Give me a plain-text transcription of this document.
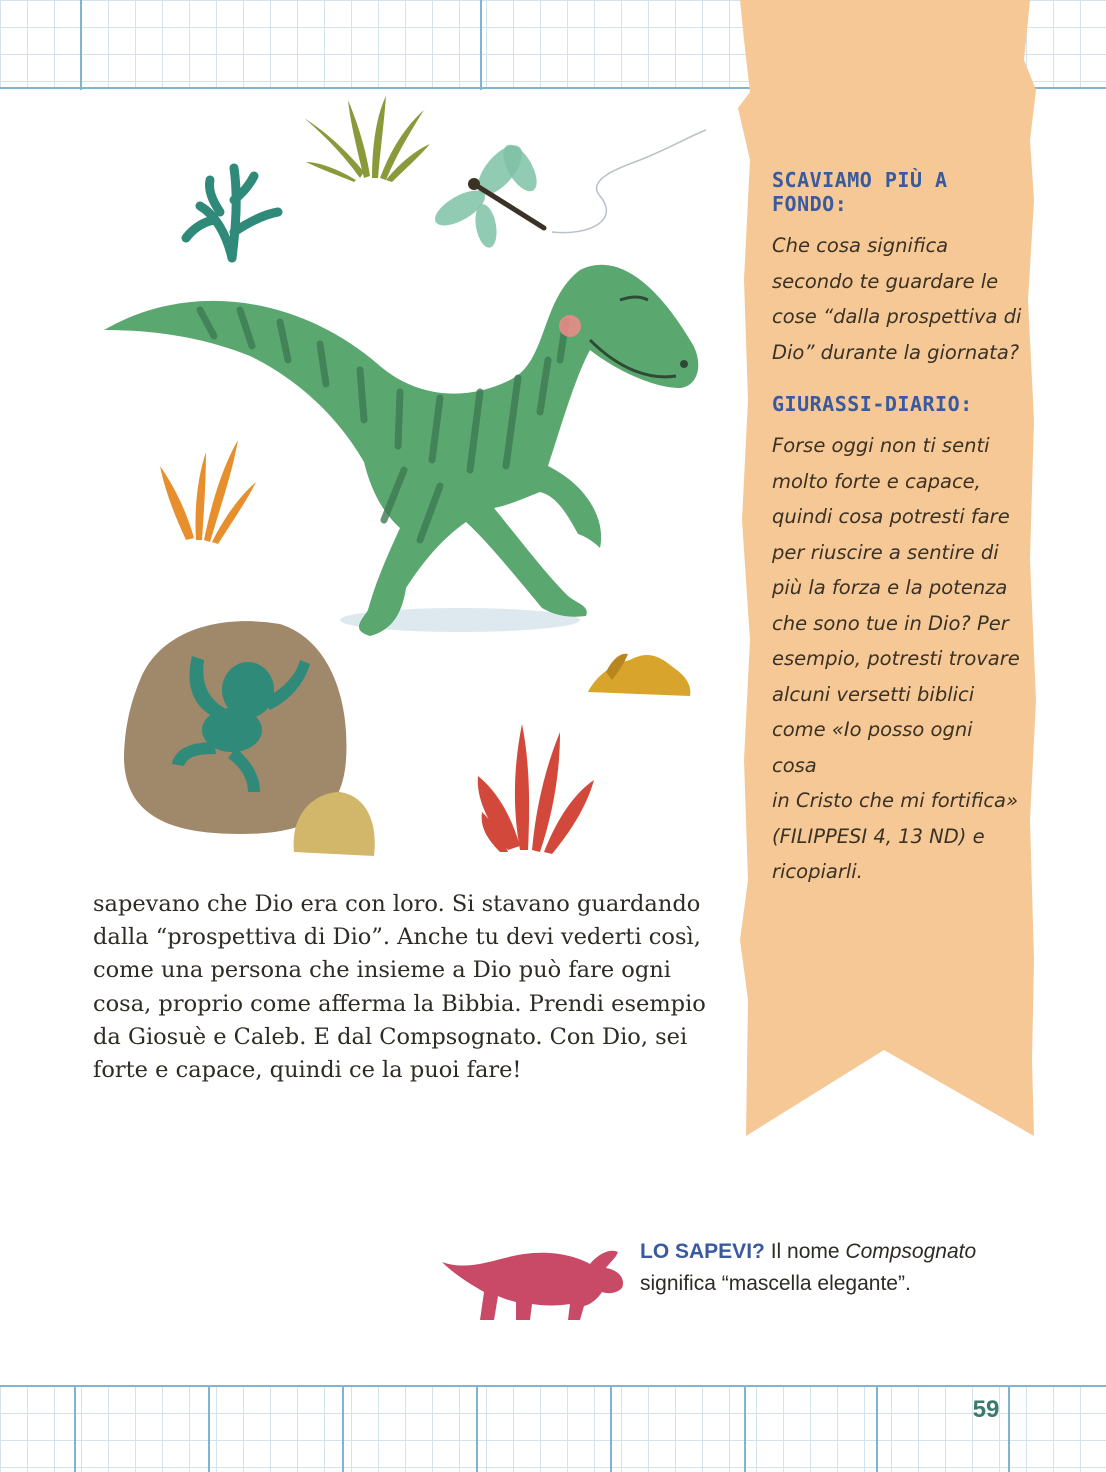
SCAVIAMO PIÙ A FONDO:

Che cosa significa
secondo te guardare le
cose “dalla prospettiva di
Dio” durante la giornata?

GIURASSI-DIARIO:

Forse oggi non ti senti
molto forte e capace,
quindi cosa potresti fare
per riuscire a sentire di
più la forza e la potenza
che sono tue in Dio? Per
esempio, potresti trovare
alcuni versetti biblici
come «Io posso ogni cosa
in Cristo che mi fortifica»
(FILIPPESI 4, 13 ND) e
ricopiarli.

sapevano che Dio era con loro. Si stavano guardando
dalla “prospettiva di Dio”. Anche tu devi vederti così,
come una persona che insieme a Dio può fare ogni
cosa, proprio come afferma la Bibbia. Prendi esempio
da Giosuè e Caleb. E dal Compsognato. Con Dio, sei
forte e capace, quindi ce la puoi fare!
LO SAPEVI? Il nome Compsognato
significa “mascella elegante”.
59
